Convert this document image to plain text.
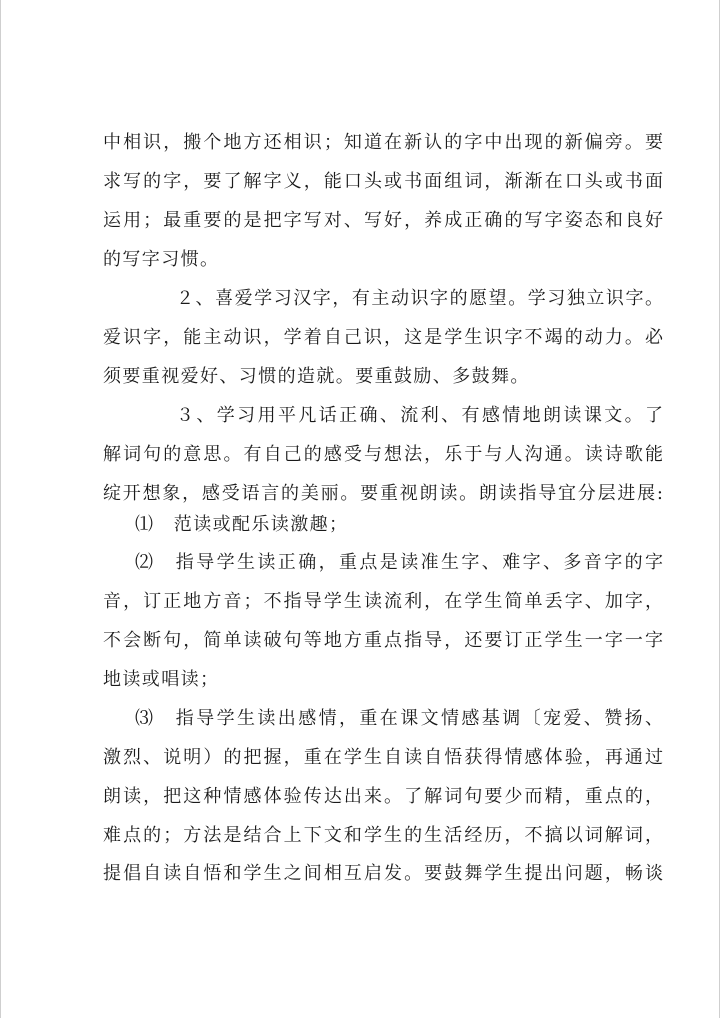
中相识，搬个地方还相识；知道在新认的字中出现的新偏旁。要
求写的字，要了解字义，能口头或书面组词，渐渐在口头或书面
运用；最重要的是把字写对、写好，养成正确的写字姿态和良好
的写字习惯。
２、喜爱学习汉字，有主动识字的愿望。学习独立识字。
爱识字，能主动识，学着自己识，这是学生识字不竭的动力。必
须要重视爱好、习惯的造就。要重鼓励、多鼓舞。
３、学习用平凡话正确、流利、有感情地朗读课文。了
解词句的意思。有自己的感受与想法，乐于与人沟通。读诗歌能
绽开想象，感受语言的美丽。要重视朗读。朗读指导宜分层进展:
⑴　范读或配乐读激趣；
⑵　指导学生读正确，重点是读准生字、难字、多音字的字
音，订正地方音；不指导学生读流利，在学生简单丢字、加字，
不会断句，简单读破句等地方重点指导，还要订正学生一字一字
地读或唱读；
⑶　指导学生读出感情，重在课文情感基调〔宠爱、赞扬、
激烈、说明）的把握，重在学生自读自悟获得情感体验，再通过
朗读，把这种情感体验传达出来。了解词句要少而精，重点的，
难点的；方法是结合上下文和学生的生活经历，不搞以词解词，
提倡自读自悟和学生之间相互启发。要鼓舞学生提出问题，畅谈
